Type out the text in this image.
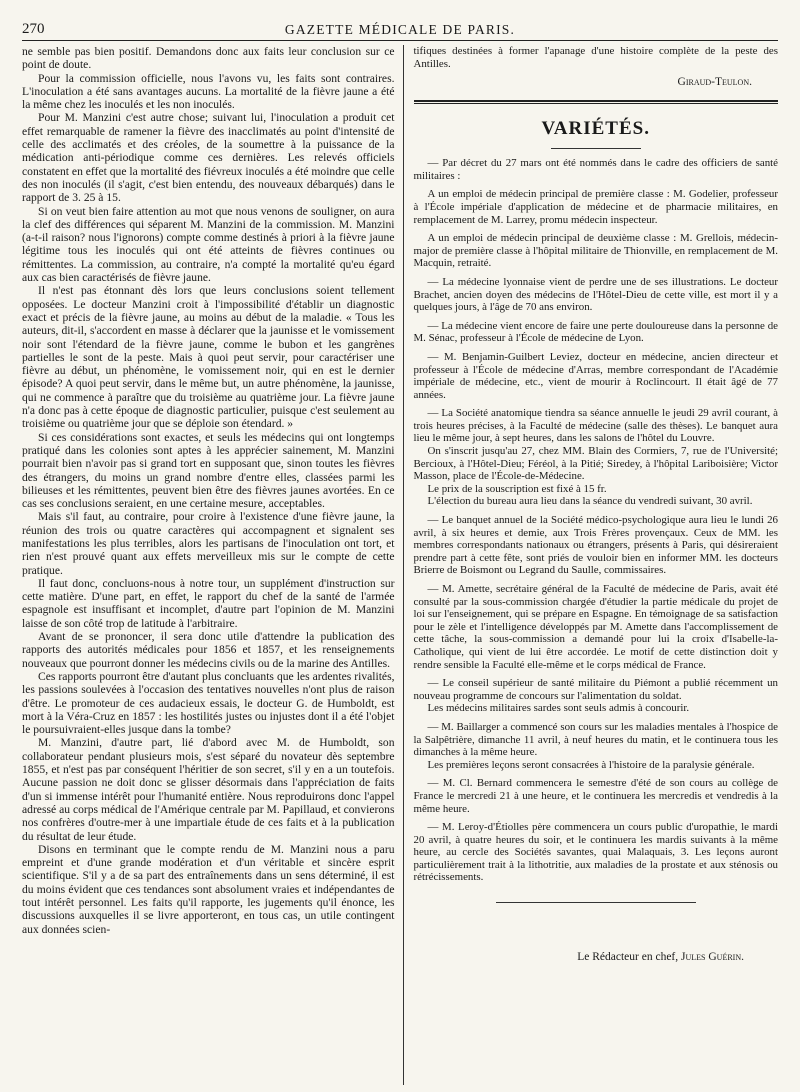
270	GAZETTE MÉDICALE DE PARIS.

ne semble pas bien positif. Demandons donc aux faits leur conclusion sur ce point de doute.

Pour la commission officielle, nous l'avons vu, les faits sont contraires. L'inoculation a été sans avantages aucuns. La mortalité de la fièvre jaune a été la même chez les inoculés et les non inoculés.

Pour M. Manzini c'est autre chose; suivant lui, l'inoculation a produit cet effet remarquable de ramener la fièvre des inacclimatés au point d'intensité de celle des acclimatés et des créoles, de la soumettre à la puissance de la médication anti-périodique comme ces dernières. Les relevés officiels constatent en effet que la mortalité des fiévreux inoculés a été moindre que celle des non inoculés (il s'agit, c'est bien entendu, des nouveaux débarqués) dans le rapport de 3. 25 à 15.

Si on veut bien faire attention au mot que nous venons de souligner, on aura la clef des différences qui séparent M. Manzini de la commission. M. Manzini (a-t-il raison? nous l'ignorons) compte comme destinés à priori à la fièvre jaune légitime tous les inoculés qui ont été atteints de fièvres continues ou rémittentes. La commission, au contraire, n'a compté la mortalité qu'eu égard aux cas bien caractérisés de fièvre jaune.

Il n'est pas étonnant dès lors que leurs conclusions soient tellement opposées. Le docteur Manzini croit à l'impossibilité d'établir un diagnostic exact et précis de la fièvre jaune, au moins au début de la maladie. « Tous les auteurs, dit-il, s'accordent en masse à déclarer que la jaunisse et le vomissement noir sont l'étendard de la fièvre jaune, comme le bubon et les gangrènes partielles le sont de la peste. Mais à quoi peut servir, pour caractériser une fièvre au début, un phénomène, le vomissement noir, qui en est le dernier épisode? A quoi peut servir, dans le même but, un autre phénomène, la jaunisse, qui ne commence à paraître que du troisième au quatrième jour. La fièvre jaune n'a donc pas à cette époque de diagnostic particulier, puisque c'est seulement au troisième ou quatrième jour que se déploie son étendard. »

Si ces considérations sont exactes, et seuls les médecins qui ont longtemps pratiqué dans les colonies sont aptes à les apprécier sainement, M. Manzini pourrait bien n'avoir pas si grand tort en supposant que, sinon toutes les fièvres des étrangers, du moins un grand nombre d'entre elles, classées parmi les bilieuses et les rémittentes, peuvent bien être des fièvres jaunes avortées. En ce cas ses conclusions seraient, en une certaine mesure, acceptables.

Mais s'il faut, au contraire, pour croire à l'existence d'une fièvre jaune, la réunion des trois ou quatre caractères qui accompagnent et signalent ses manifestations les plus terribles, alors les partisans de l'inoculation ont tort, et rien n'est prouvé quant aux effets merveilleux mis sur le compte de cette pratique.

Il faut donc, concluons-nous à notre tour, un supplément d'instruction sur cette matière. D'une part, en effet, le rapport du chef de la santé de l'armée espagnole est insuffisant et incomplet, d'autre part l'opinion de M. Manzini laisse de son côté trop de latitude à l'arbitraire.

Avant de se prononcer, il sera donc utile d'attendre la publication des rapports des autorités médicales pour 1856 et 1857, et les renseignements nouveaux que pourront donner les médecins civils ou de la marine des Antilles.

Ces rapports pourront être d'autant plus concluants que les ardentes rivalités, les passions soulevées à l'occasion des tentatives nouvelles n'ont plus de raison d'être. Le promoteur de ces audacieux essais, le docteur G. de Humboldt, est mort à la Véra-Cruz en 1857 : les hostilités justes ou injustes dont il a été l'objet le poursuivraient-elles jusque dans la tombe?

M. Manzini, d'autre part, lié d'abord avec M. de Humboldt, son collaborateur pendant plusieurs mois, s'est séparé du novateur dès septembre 1855, et n'est pas par conséquent l'héritier de son secret, s'il y en a un toutefois. Aucune passion ne doit donc se glisser désormais dans l'appréciation de faits d'un si immense intérêt pour l'humanité entière. Nous reproduirons donc l'appel adressé au corps médical de l'Amérique centrale par M. Papillaud, et convierons nos confrères d'outre-mer à une impartiale étude de ces faits et à la publication du résultat de leur étude.

Disons en terminant que le compte rendu de M. Manzini nous a paru empreint et d'une grande modération et d'un véritable et sincère esprit scientifique. S'il y a de sa part des entraînements dans un sens déterminé, il est du moins évident que ces tendances sont absolument vraies et indépendantes de tout intérêt personnel. Les faits qu'il rapporte, les jugements qu'il énonce, les discussions auxquelles il se livre apporteront, en tous cas, un utile contingent aux données scien-

tifiques destinées à former l'apanage d'une histoire complète de la peste des Antilles.

Giraud-Teulon.
VARIÉTÉS.

— Par décret du 27 mars ont été nommés dans le cadre des officiers de santé militaires :

A un emploi de médecin principal de première classe : M. Godelier, professeur à l'École impériale d'application de médecine et de pharmacie militaires, en remplacement de M. Larrey, promu médecin inspecteur.

A un emploi de médecin principal de deuxième classe : M. Grellois, médecin-major de première classe à l'hôpital militaire de Thionville, en remplacement de M. Macquin, retraité.

— La médecine lyonnaise vient de perdre une de ses illustrations. Le docteur Brachet, ancien doyen des médecins de l'Hôtel-Dieu de cette ville, est mort il y a quelques jours, à l'âge de 70 ans environ.

— La médecine vient encore de faire une perte douloureuse dans la personne de M. Sénac, professeur à l'École de médecine de Lyon.

— M. Benjamin-Guilbert Leviez, docteur en médecine, ancien directeur et professeur à l'École de médecine d'Arras, membre correspondant de l'Académie impériale de médecine, etc., vient de mourir à Roclincourt. Il était âgé de 77 années.

— La Société anatomique tiendra sa séance annuelle le jeudi 29 avril courant, à trois heures précises, à la Faculté de médecine (salle des thèses). Le banquet aura lieu le même jour, à sept heures, dans les salons de l'hôtel du Louvre.

On s'inscrit jusqu'au 27, chez MM. Blain des Cormiers, 7, rue de l'Université; Bercioux, à l'Hôtel-Dieu; Féréol, à la Pitié; Siredey, à l'hôpital Lariboisière; Victor Masson, place de l'École-de-Médecine.

Le prix de la souscription est fixé à 15 fr.

L'élection du bureau aura lieu dans la séance du vendredi suivant, 30 avril.

— Le banquet annuel de la Société médico-psychologique aura lieu le lundi 26 avril, à six heures et demie, aux Trois Frères provençaux. Ceux de MM. les membres correspondants nationaux ou étrangers, présents à Paris, qui désireraient prendre part à cette fête, sont priés de vouloir bien en informer MM. les docteurs Brierre de Boismont ou Legrand du Saulle, commissaires.

— M. Amette, secrétaire général de la Faculté de médecine de Paris, avait été consulté par la sous-commission chargée d'étudier la partie médicale du projet de loi sur l'enseignement, qui se prépare en Espagne. En témoignage de sa satisfaction pour le zèle et l'intelligence développés par M. Amette dans l'accomplissement de cette tâche, la sous-commission a demandé pour lui la croix d'Isabelle-la-Catholique, qui vient de lui être accordée. Le motif de cette distinction doit y rendre sensible la Faculté elle-même et le corps médical de France.

— Le conseil supérieur de santé militaire du Piémont a publié récemment un nouveau programme de concours sur l'alimentation du soldat.

Les médecins militaires sardes sont seuls admis à concourir.

— M. Baillarger a commencé son cours sur les maladies mentales à l'hospice de la Salpêtrière, dimanche 11 avril, à neuf heures du matin, et le continuera tous les dimanches à la même heure.

Les premières leçons seront consacrées à l'histoire de la paralysie générale.

— M. Cl. Bernard commencera le semestre d'été de son cours au collège de France le mercredi 21 à une heure, et le continuera les mercredis et vendredis à la même heure.

— M. Leroy-d'Étiolles père commencera un cours public d'uropathie, le mardi 20 avril, à quatre heures du soir, et le continuera les mardis suivants à la même heure, au cercle des Sociétés savantes, quai Malaquais, 3. Les leçons auront particulièrement trait à la lithotritie, aux maladies de la prostate et aux sténosis ou rétrécissements.

Le Rédacteur en chef, Jules Guérin.
